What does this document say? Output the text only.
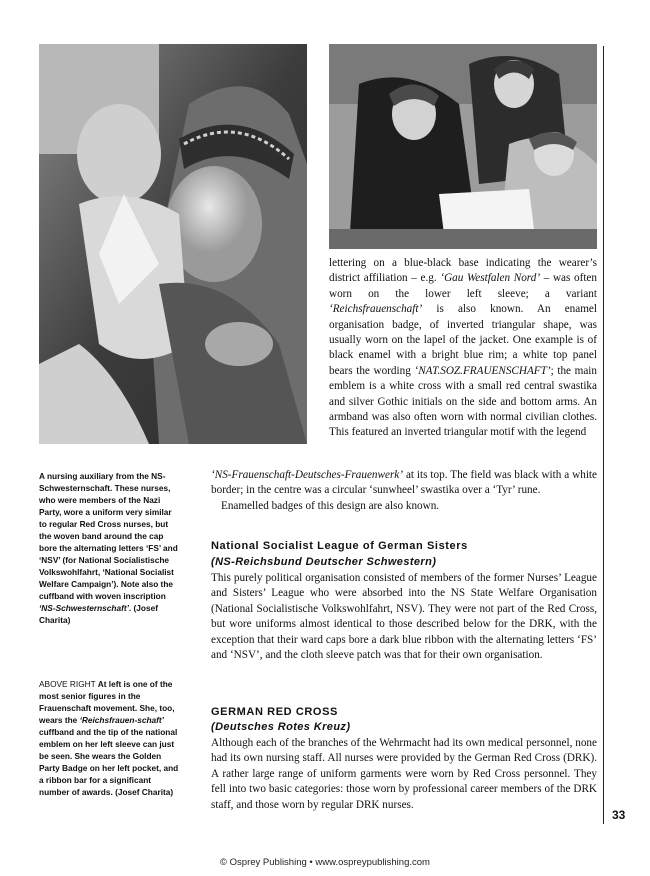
A nursing auxiliary from the NS-Schwesternschaft. These nurses, who were members of the Nazi Party, wore a uniform very similar to regular Red Cross nurses, but the woven band around the cap bore the alternating letters ‘FS’ and ‘NSV’ (for National Socialistische Volkswohlfahrt, ‘National Socialist Welfare Campaign’). Note also the cuffband with woven inscription ‘NS-Schwesternschaft’. (Josef Charita)
ABOVE RIGHT At left is one of the most senior figures in the Frauenschaft movement. She, too, wears the ‘Reichsfrauen-schaft’ cuffband and the tip of the national emblem on her left sleeve can just be seen. She wears the Golden Party Badge on her left pocket, and a ribbon bar for a significant number of awards. (Josef Charita)

lettering on a blue-black base indicating the wearer’s district affiliation – e.g. ‘Gau Westfalen Nord’ – was often worn on the lower left sleeve; a variant ‘Reichsfrauenschaft’ is also known. An enamel organisation badge, of inverted triangular shape, was usually worn on the lapel of the jacket. One example is of black enamel with a bright blue rim; a white top panel bears the wording ‘NAT.SOZ.FRAUENSCHAFT’; the main emblem is a white cross with a small red central swastika and silver Gothic initials on the side and bottom arms. An armband was also often worn with normal civilian clothes. This featured an inverted triangular motif with the legend

‘NS-Frauenschaft-Deutsches-Frauenwerk’ at its top. The field was black with a white border; in the centre was a circular ‘sunwheel’ swastika over a ‘Tyr’ rune.

Enamelled badges of this design are also known.

National Socialist League of German Sisters
(NS-Reichsbund Deutscher Schwestern)

This purely political organisation consisted of members of the former Nurses’ League and Sisters’ League who were absorbed into the NS State Welfare Organisation (National Socialistische Volkswohlfahrt, NSV). They were not part of the Red Cross, but wore uniforms almost identical to those described below for the DRK, with the exception that their ward caps bore a dark blue ribbon with the alternating letters ‘FS’ and ‘NSV’, and the cloth sleeve patch was that for their own organisation.

GERMAN RED CROSS
(Deutsches Rotes Kreuz)

Although each of the branches of the Wehrmacht had its own medical personnel, none had its own nursing staff. All nurses were provided by the German Red Cross (DRK). A rather large range of uniform garments were worn by Red Cross personnel. They fell into two basic categories: those worn by professional career members of the DRK staff, and those worn by regular DRK nurses.

33
© Osprey Publishing • www.ospreypublishing.com
